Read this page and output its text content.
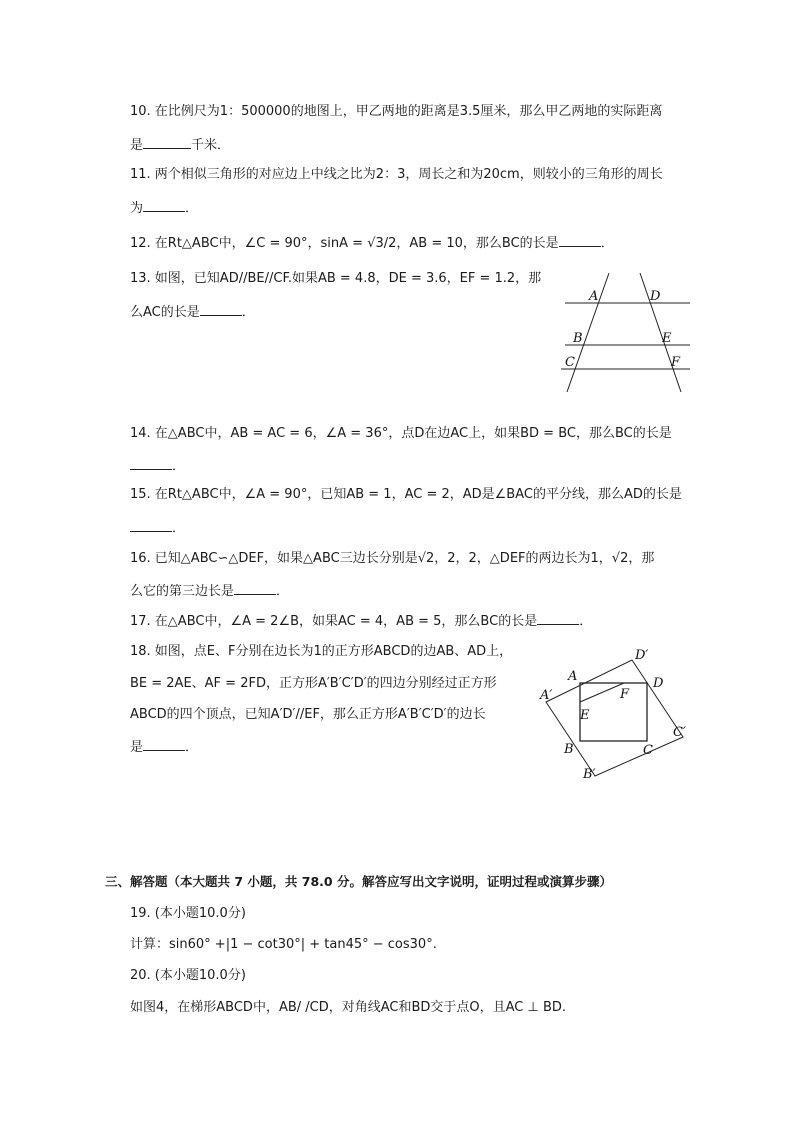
10. 在比例尺为1：500000的地图上，甲乙两地的距离是3.5厘米，那么甲乙两地的实际距离
是	千米．
11. 两个相似三角形的对应边上中线之比为2：3，周长之和为20cm，则较小的三角形的周长
为	．
12. 在Rt△ABC中，∠C = 90°，sinA = √3/2，AB = 10，那么BC的长是	．
13. 如图，已知AD//BE//CF.如果AB = 4.8，DE = 3.6，EF = 1.2，那
么AC的长是	．
A	D
B	E
C	F
14. 在△ABC中，AB = AC = 6，∠A = 36°，点D在边AC上，如果BD = BC，那么BC的长是
．
15. 在Rt△ABC中，∠A = 90°，已知AB = 1，AC = 2，AD是∠BAC的平分线，那么AD的长是
．
16. 已知△ABC∽△DEF，如果△ABC三边长分别是√2，2，2，△DEF的两边长为1，√2，那
么它的第三边长是	．
17. 在△ABC中，∠A = 2∠B，如果AC = 4，AB = 5，那么BC的长是	．
18. 如图，点E、F分别在边长为1的正方形ABCD的边AB、AD上，
BE = 2AE、AF = 2FD，正方形A′B′C′D′的四边分别经过正方形
ABCD的四个顶点，已知A′D′//EF，那么正方形A′B′C′D′的边长
是	．
A	D
B	C
E
F
A′
D′
C′
B′
三、解答题（本大题共 7 小题，共 78.0 分。解答应写出文字说明，证明过程或演算步骤）
19. (本小题10.0分)
计算：sin60° +|1 − cot30°| + tan45° − cos30°.
20. (本小题10.0分)
如图4，在梯形ABCD中，AB/ /CD，对角线AC和BD交于点O，且AC ⊥ BD.
